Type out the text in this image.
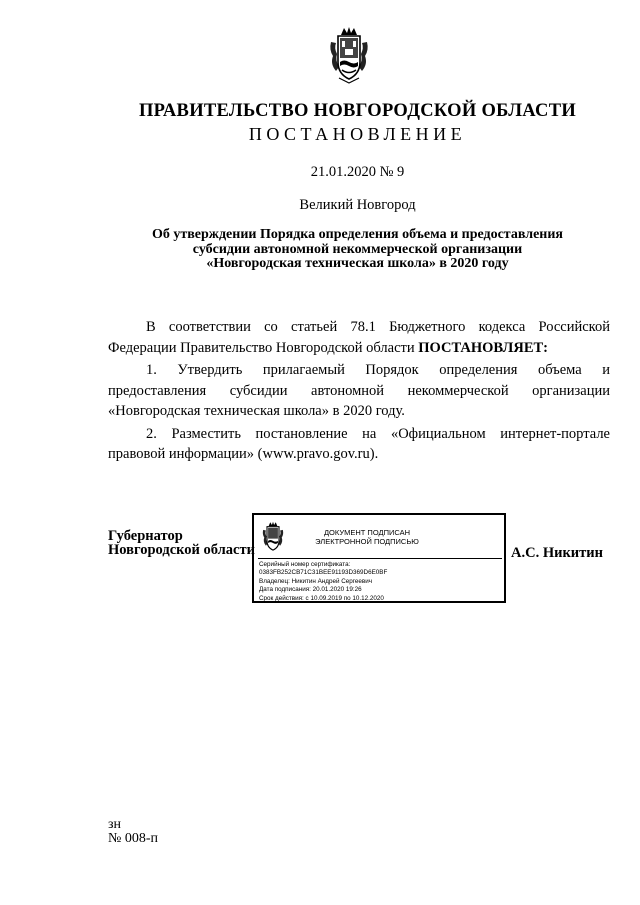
ПРАВИТЕЛЬСТВО НОВГОРОДСКОЙ ОБЛАСТИ
ПОСТАНОВЛЕНИЕ
21.01.2020 № 9
Великий Новгород
Об утверждении Порядка определения объема и предоставления
субсидии автономной некоммерческой организации
«Новгородская техническая школа» в 2020 году

В соответствии со статьей 78.1 Бюджетного кодекса Российской Федерации Правительство Новгородской области ПОСТАНОВЛЯЕТ:

1. Утвердить прилагаемый Порядок определения объема и предоставления субсидии автономной некоммерческой организации «Новгородская техническая школа» в 2020 году.

2. Разместить постановление на «Официальном интернет-портале правовой информации» (www.pravo.gov.ru).

Губернатор
Новгородской области
ДОКУМЕНТ ПОДПИСАН
ЭЛЕКТРОННОЙ ПОДПИСЬЮ
Серийный номер сертификата:
0383FB252CB71C31BEE91193D369D6E0BF
Владелец: Никитин Андрей Сергеевич
Дата подписания: 20.01.2020 19:26
Срок действия: с 10.09.2019 по 10.12.2020
А.С. Никитин
зн
№ 008-п
